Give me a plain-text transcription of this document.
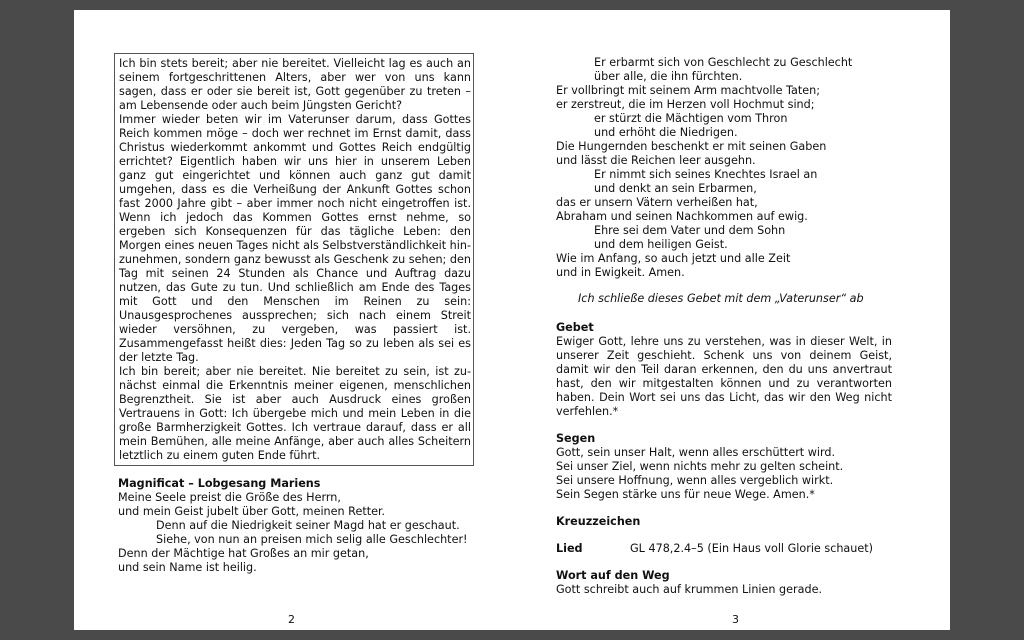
Ich bin stets bereit; aber nie bereitet. Vielleicht lag es auch an seinem fortgeschrittenen Alters, aber wer von uns kann sagen, dass er oder sie bereit ist, Gott gegenüber zu treten – am Lebensende oder auch beim Jüngsten Gericht?

Immer wieder beten wir im Vaterunser darum, dass Gottes Reich kommen möge – doch wer rechnet im Ernst damit, dass Christus wiederkommt ankommt und Gottes Reich endgültig errichtet? Eigentlich haben wir uns hier in unserem Leben ganz gut eingerichtet und können auch ganz gut damit umgehen, dass es die Verheißung der Ankunft Gottes schon fast 2000 Jahre gibt – aber immer noch nicht eingetroffen ist. Wenn ich jedoch das Kommen Gottes ernst nehme, so ergeben sich Konsequenzen für das tägliche Leben: den Morgen eines neuen Tages nicht als Selbstverständlichkeit hin-zunehmen, sondern ganz bewusst als Geschenk zu sehen; den Tag mit seinen 24 Stunden als Chance und Auftrag dazu nutzen, das Gute zu tun. Und schließlich am Ende des Tages mit Gott und den Menschen im Reinen zu sein: Unausgesprochenes aussprechen; sich nach einem Streit wieder versöhnen, zu vergeben, was passiert ist. Zusammengefasst heißt dies: Jeden Tag so zu leben als sei es der letzte Tag.

Ich bin bereit; aber nie bereitet. Nie bereitet zu sein, ist zu-nächst einmal die Erkenntnis meiner eigenen, menschlichen Begrenztheit. Sie ist aber auch Ausdruck eines großen Vertrauens in Gott: Ich übergebe mich und mein Leben in die große Barmherzigkeit Gottes. Ich vertraue darauf, dass er all mein Bemühen, alle meine Anfänge, aber auch alles Scheitern letztlich zu einem guten Ende führt.

Magnificat – Lobgesang Mariens
Meine Seele preist die Größe des Herrn,
und mein Geist jubelt über Gott, meinen Retter.
Denn auf die Niedrigkeit seiner Magd hat er geschaut.
Siehe, von nun an preisen mich selig alle Geschlechter!
Denn der Mächtige hat Großes an mir getan,
und sein Name ist heilig.
2
Er erbarmt sich von Geschlecht zu Geschlecht
über alle, die ihn fürchten.
Er vollbringt mit seinem Arm machtvolle Taten;
er zerstreut, die im Herzen voll Hochmut sind;
er stürzt die Mächtigen vom Thron
und erhöht die Niedrigen.
Die Hungernden beschenkt er mit seinen Gaben
und lässt die Reichen leer ausgehn.
Er nimmt sich seines Knechtes Israel an
und denkt an sein Erbarmen,
das er unsern Vätern verheißen hat,
Abraham und seinen Nachkommen auf ewig.
Ehre sei dem Vater und dem Sohn
und dem heiligen Geist.
Wie im Anfang, so auch jetzt und alle Zeit
und in Ewigkeit. Amen.
Ich schließe dieses Gebet mit dem „Vaterunser“ ab
Gebet
Ewiger Gott, lehre uns zu verstehen, was in dieser Welt, in unserer Zeit geschieht. Schenk uns von deinem Geist, damit wir den Teil daran erkennen, den du uns anvertraut hast, den wir mitgestalten können und zu verantworten haben. Dein Wort sei uns das Licht, das wir den Weg nicht verfehlen.*
Segen
Gott, sein unser Halt, wenn alles erschüttert wird.
Sei unser Ziel, wenn nichts mehr zu gelten scheint.
Sei unsere Hoffnung, wenn alles vergeblich wirkt.
Sein Segen stärke uns für neue Wege. Amen.*
Kreuzzeichen
Lied	GL 478,2.4–5 (Ein Haus voll Glorie schauet)
Wort auf den Weg
Gott schreibt auch auf krummen Linien gerade.
3
